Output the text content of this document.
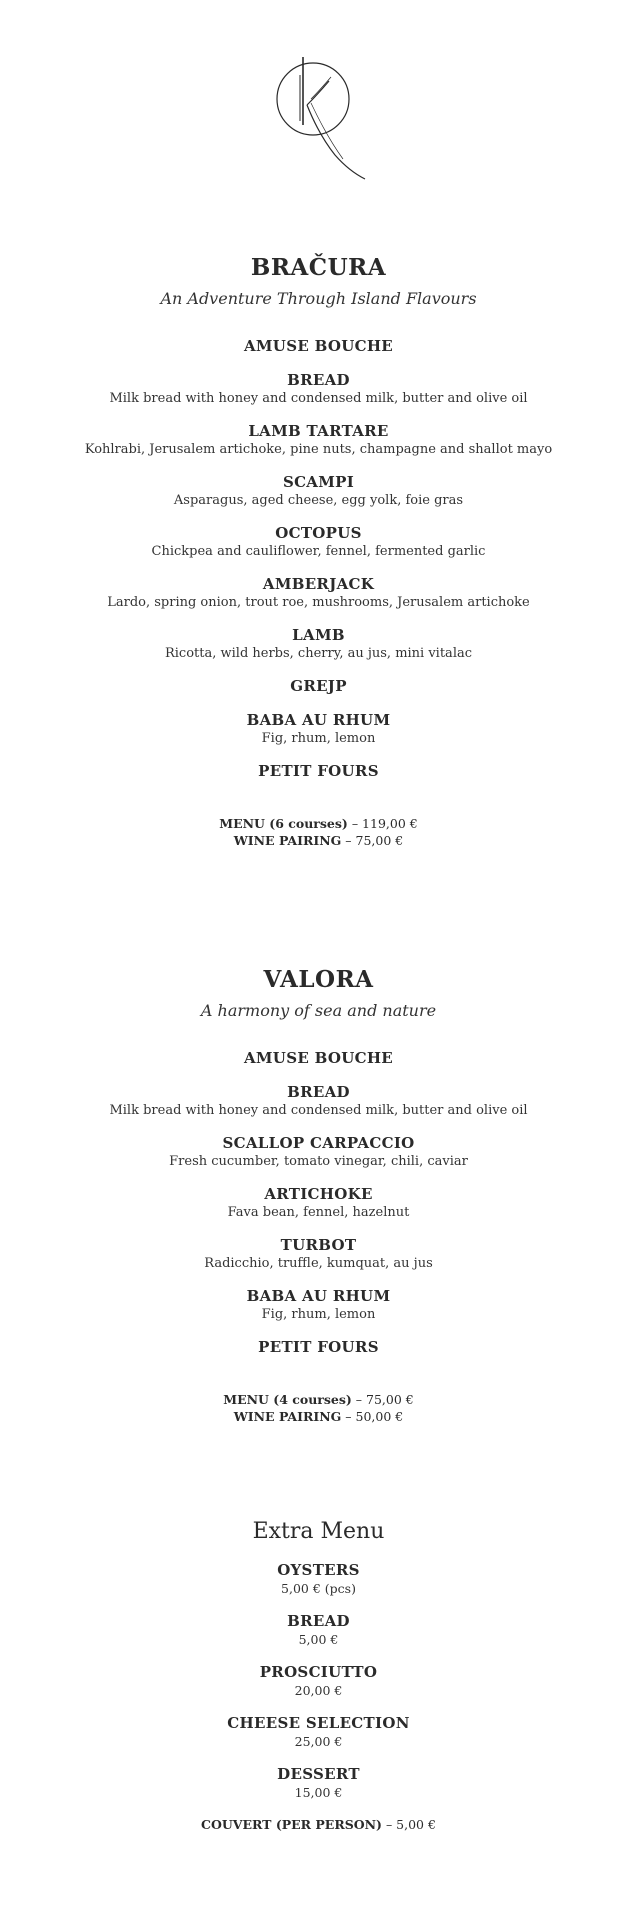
BRAČURA

An Adventure Through Island Flavours

AMUSE BOUCHE
BREAD
Milk bread with honey and condensed milk, butter and olive oil
LAMB TARTARE
Kohlrabi, Jerusalem artichoke, pine nuts, champagne and shallot mayo
SCAMPI
Asparagus, aged cheese, egg yolk, foie gras
OCTOPUS
Chickpea and cauliflower, fennel, fermented garlic
AMBERJACK
Lardo, spring onion, trout roe, mushrooms, Jerusalem artichoke
LAMB
Ricotta, wild herbs, cherry, au jus, mini vitalac
GREJP
BABA AU RHUM
Fig, rhum, lemon
PETIT FOURS
MENU (6 courses) – 119,00 €
WINE PAIRING – 75,00 €
VALORA

A harmony of sea and nature

AMUSE BOUCHE
BREAD
Milk bread with honey and condensed milk, butter and olive oil
SCALLOP CARPACCIO
Fresh cucumber, tomato vinegar, chili, caviar
ARTICHOKE
Fava bean, fennel, hazelnut
TURBOT
Radicchio, truffle, kumquat, au jus
BABA AU RHUM
Fig, rhum, lemon
PETIT FOURS
MENU (4 courses) – 75,00 €
WINE PAIRING – 50,00 €
Extra Menu
OYSTERS
5,00 € (pcs)
BREAD
5,00 €
PROSCIUTTO
20,00 €
CHEESE SELECTION
25,00 €
DESSERT
15,00 €
COUVERT (PER PERSON) – 5,00 €
